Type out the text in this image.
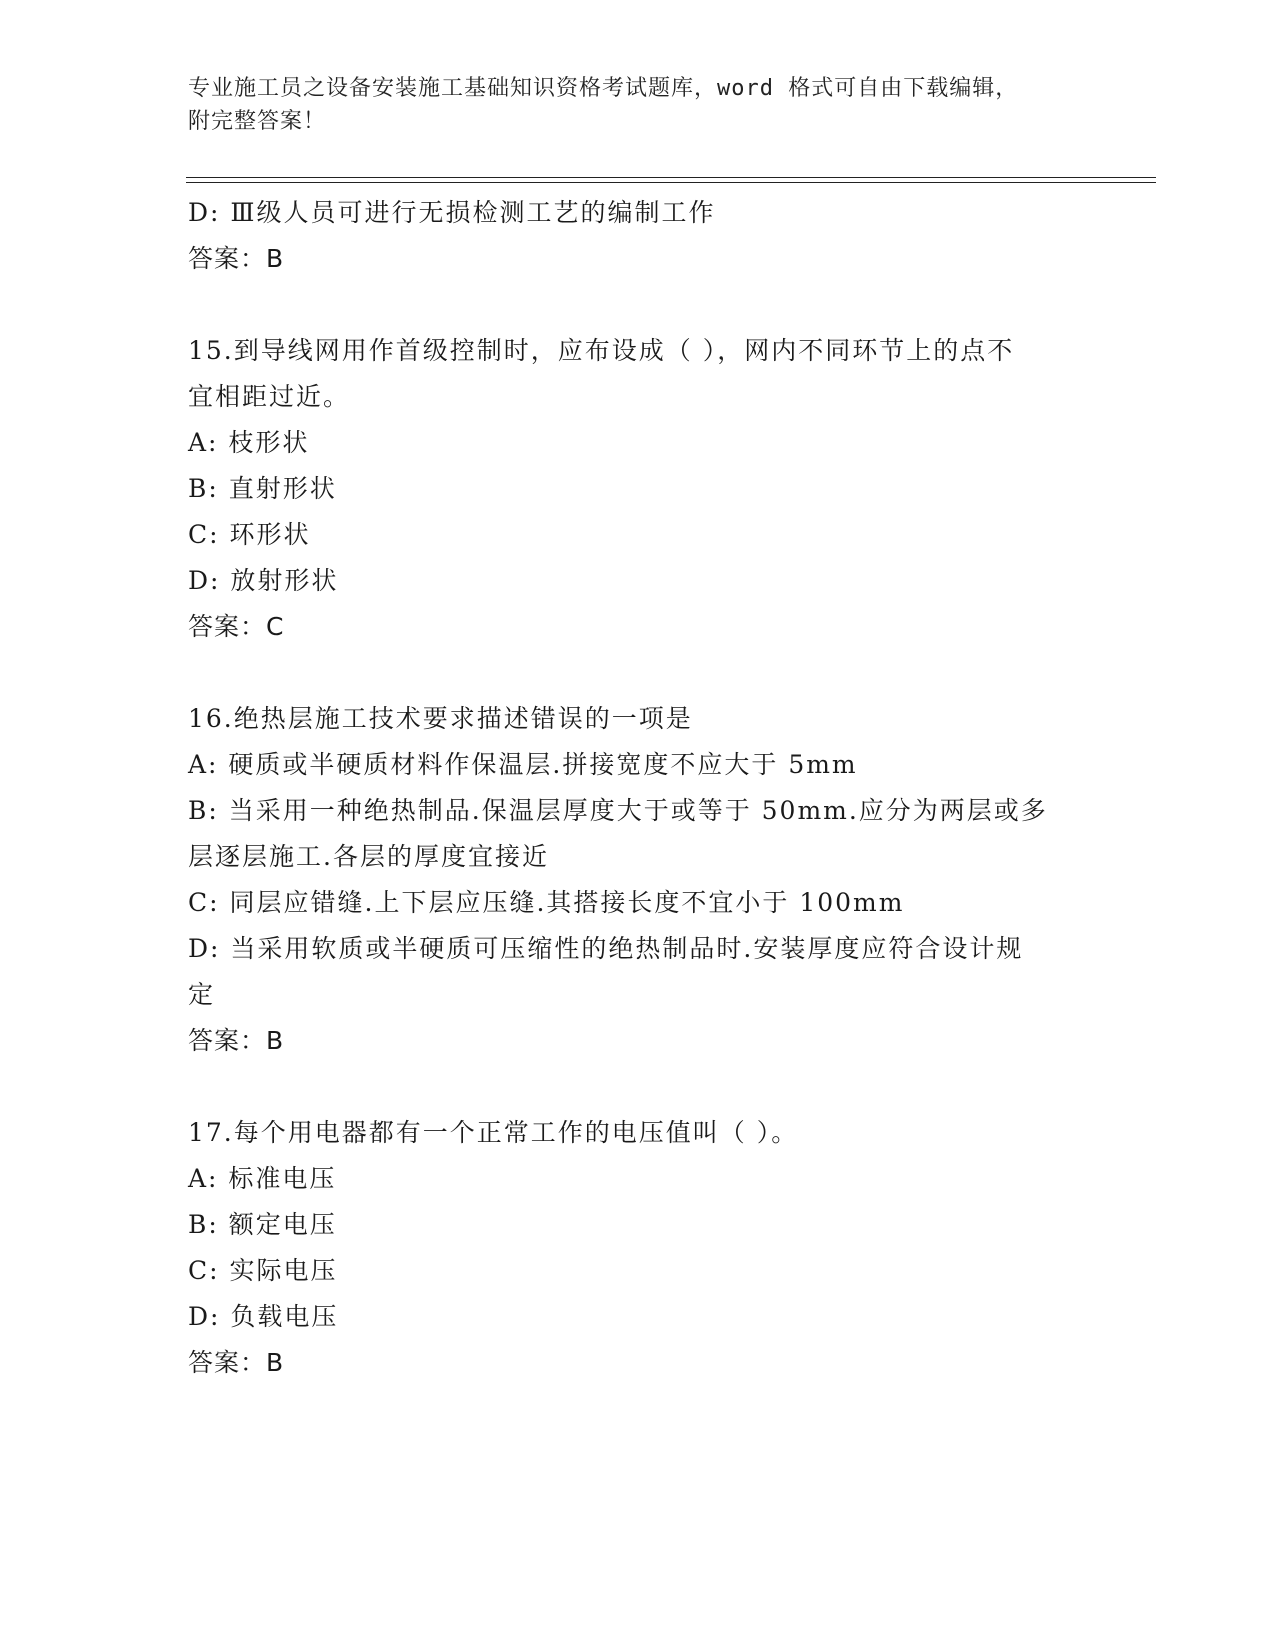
专业施工员之设备安装施工基础知识资格考试题库，word 格式可自由下载编辑，
附完整答案！

D: Ⅲ级人员可进行无损检测工艺的编制工作

答案：B

15.到导线网用作首级控制时，应布设成（ ），网内不同环节上的点不宜相距过近。

A: 枝形状

B: 直射形状

C: 环形状

D: 放射形状

答案：C

16.绝热层施工技术要求描述错误的一项是

A: 硬质或半硬质材料作保温层.拼接宽度不应大于 5mm

B: 当采用一种绝热制品.保温层厚度大于或等于 50mm.应分为两层或多层逐层施工.各层的厚度宜接近

C: 同层应错缝.上下层应压缝.其搭接长度不宜小于 100mm

D: 当采用软质或半硬质可压缩性的绝热制品时.安装厚度应符合设计规定

答案：B

17.每个用电器都有一个正常工作的电压值叫（ ）。

A: 标准电压

B: 额定电压

C: 实际电压

D: 负载电压

答案：B
